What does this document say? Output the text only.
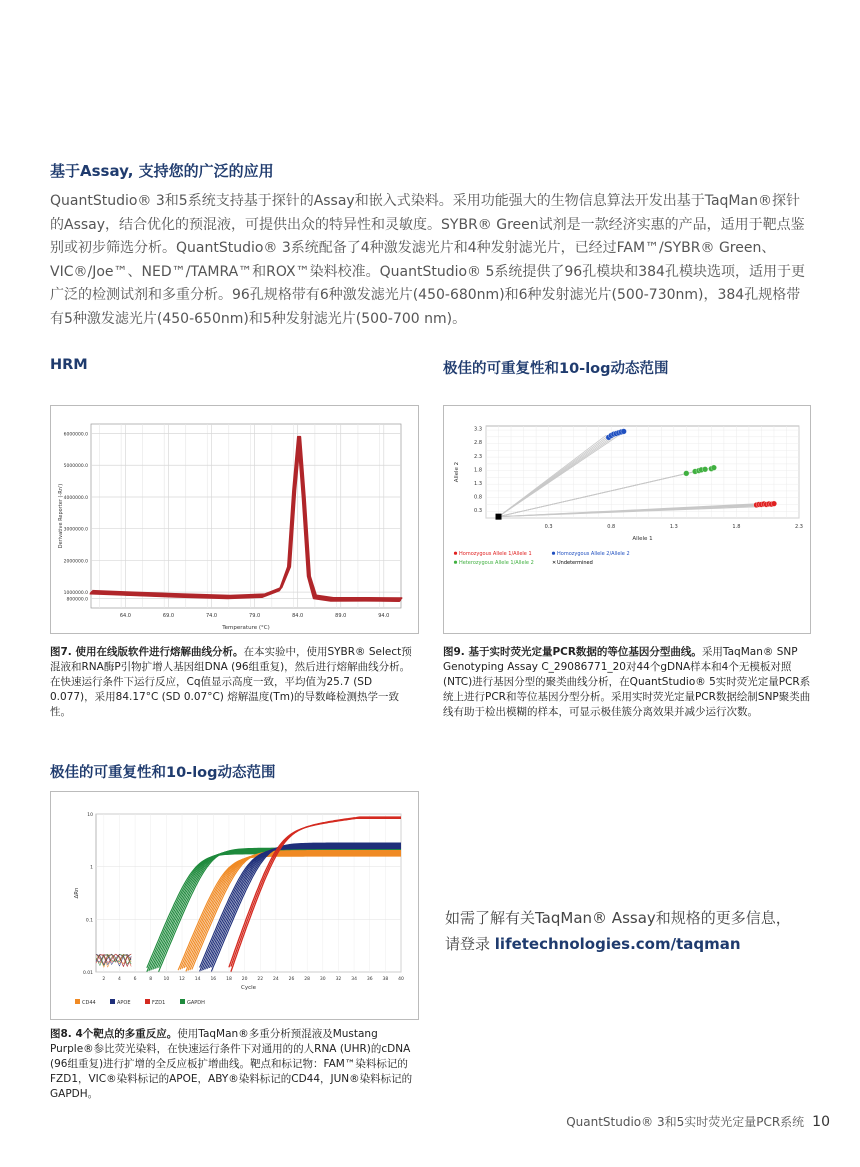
基于Assay, 支持您的广泛的应用
QuantStudio® 3和5系统支持基于探针的Assay和嵌入式染料。采用功能强大的生物信息算法开发出基于TaqMan®探针的Assay，结合优化的预混液，可提供出众的特异性和灵敏度。SYBR® Green试剂是一款经济实惠的产品，适用于靶点鉴别或初步筛选分析。QuantStudio® 3系统配备了4种激发滤光片和4种发射滤光片，已经过FAM™/SYBR® Green、VIC®/Joe™、NED™/TAMRA™和ROX™染料校准。QuantStudio® 5系统提供了96孔模块和384孔模块选项，适用于更广泛的检测试剂和多重分析。96孔规格带有6种激发滤光片(450-680nm)和6种发射滤光片(500-730nm)，384孔规格带有5种激发滤光片(450-650nm)和5种发射滤光片(500-700 nm)。
HRM
64.0	69.0	74.0	79.0	84.0	89.0	94.0
800000.0
1000000.0
2000000.0
3000000.0
4000000.0
5000000.0
6000000.0
Temperature (°C)
Derivative Reporter (-Rn')
图7. 使用在线版软件进行熔解曲线分析。在本实验中，使用SYBR® Select预混液和RNA酶P引物扩增人基因组DNA (96组重复)，然后进行熔解曲线分析。在快速运行条件下运行反应，Cq值显示高度一致，平均值为25.7 (SD 0.077)，采用84.17°C (SD 0.07°C) 熔解温度(Tm)的导数峰检测热学一致性。
极佳的可重复性和10-log动态范围
0.3	0.8	1.3	1.8	2.3
0.3
0.8
1.3
1.8
2.3
2.8
3.3
Allele 1
Allele 2
Homozygous Allele 1/Allele 1	Homozygous Allele 2/Allele 2
Heterozygous Allele 1/Allele 2	✕ Undetermined
图9. 基于实时荧光定量PCR数据的等位基因分型曲线。采用TaqMan® SNP Genotyping Assay C_29086771_20对44个gDNA样本和4个无模板对照(NTC)进行基因分型的聚类曲线分析，在QuantStudio® 5实时荧光定量PCR系统上进行PCR和等位基因分型分析。采用实时荧光定量PCR数据绘制SNP聚类曲线有助于检出模糊的样本，可显示极佳簇分离效果并减少运行次数。
极佳的可重复性和10-log动态范围
2	4	6	8	10 12 14 16 18 20 22 24 26 28 30 32 34 36 38 40
0.01
0.1
1
10
Cycle
ΔRn
CD44	APOE	FZD1	GAPDH
图8. 4个靶点的多重反应。使用TaqMan®多重分析预混液及Mustang Purple®参比荧光染料，在快速运行条件下对通用的的人RNA (UHR)的cDNA (96组重复)进行扩增的全反应板扩增曲线。靶点和标记物：FAM™染料标记的FZD1，VIC®染料标记的APOE，ABY®染料标记的CD44，JUN®染料标记的GAPDH。
如需了解有关TaqMan® Assay和规格的更多信息，
请登录 lifetechnologies.com/taqman
QuantStudio® 3和5实时荧光定量PCR系统 10
